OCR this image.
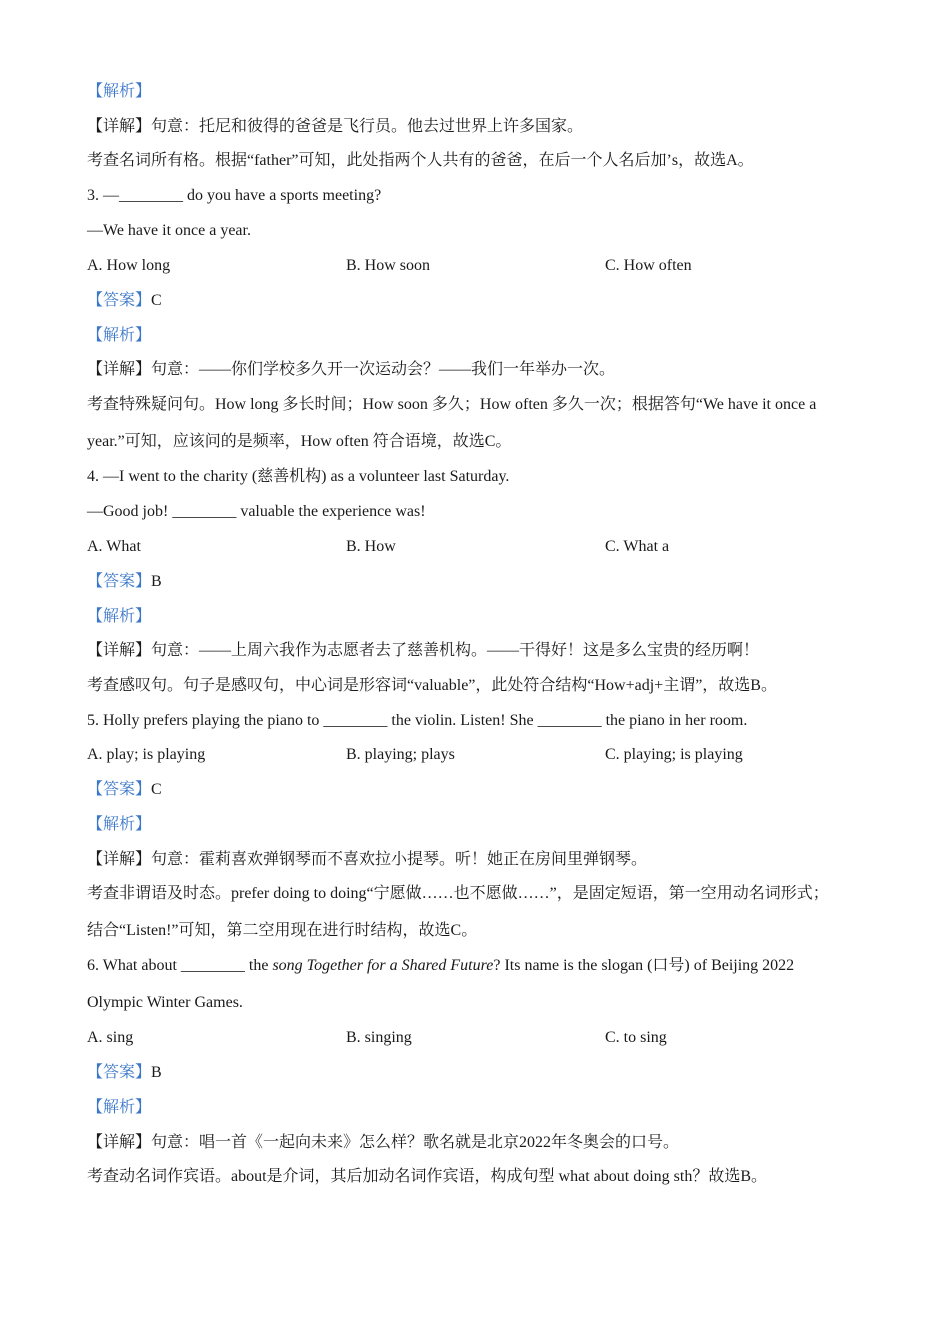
【解析】
【详解】句意：托尼和彼得的爸爸是飞行员。他去过世界上许多国家。
考查名词所有格。根据“father”可知，此处指两个人共有的爸爸，在后一个人名后加’s，故选A。
3. —________ do you have a sports meeting?
—We have it once a year.
A. How long	B. How soon	C. How often
【答案】C
【解析】
【详解】句意：——你们学校多久开一次运动会？——我们一年举办一次。
考查特殊疑问句。How long 多长时间；How soon 多久；How often 多久一次；根据答句“We have it once a
year.”可知，应该问的是频率，How often 符合语境，故选C。
4. —I went to the charity (慈善机构) as a volunteer last Saturday.
—Good job! ________ valuable the experience was!
A. What	B. How	C. What a
【答案】B
【解析】
【详解】句意：——上周六我作为志愿者去了慈善机构。——干得好！这是多么宝贵的经历啊！
考查感叹句。句子是感叹句，中心词是形容词“valuable”，此处符合结构“How+adj+主谓”，故选B。
5. Holly prefers playing the piano to ________ the violin. Listen! She ________ the piano in her room.
A. play; is playing	B. playing; plays	C. playing; is playing
【答案】C
【解析】
【详解】句意：霍莉喜欢弹钢琴而不喜欢拉小提琴。听！她正在房间里弹钢琴。
考查非谓语及时态。prefer doing to doing“宁愿做……也不愿做……”，是固定短语，第一空用动名词形式；
结合“Listen!”可知，第二空用现在进行时结构，故选C。
6. What about ________ the song Together for a Shared Future? Its name is the slogan (口号) of Beijing 2022
Olympic Winter Games.
A. sing	B. singing	C. to sing
【答案】B
【解析】
【详解】句意：唱一首《一起向未来》怎么样？歌名就是北京2022年冬奥会的口号。
考查动名词作宾语。about是介词，其后加动名词作宾语，构成句型 what about doing sth？故选B。
